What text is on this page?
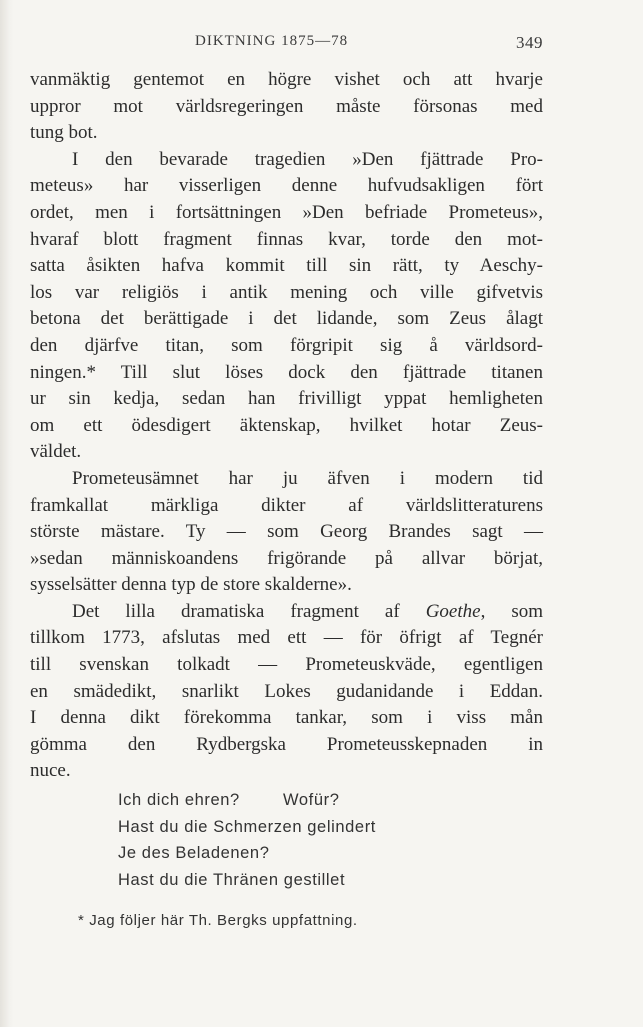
DIKTNING 1875—78	349
vanmäktig gentemot en högre vishet och att hvarje
uppror mot världsregeringen måste försonas med
tung bot.
I den bevarade tragedien »Den fjättrade Pro-
meteus» har visserligen denne hufvudsakligen fört
ordet, men i fortsättningen »Den befriade Prometeus»,
hvaraf blott fragment finnas kvar, torde den mot-
satta åsikten hafva kommit till sin rätt, ty Aeschy-
los var religiös i antik mening och ville gifvetvis
betona det berättigade i det lidande, som Zeus ålagt
den djärfve titan, som förgripit sig å världsord-
ningen.* Till slut löses dock den fjättrade titanen
ur sin kedja, sedan han frivilligt yppat hemligheten
om ett ödesdigert äktenskap, hvilket hotar Zeus-
väldet.
Prometeusämnet har ju äfven i modern tid
framkallat märkliga dikter af världslitteraturens
störste mästare. Ty — som Georg Brandes sagt —
»sedan människoandens frigörande på allvar börjat,
sysselsätter denna typ de store skalderne».
Det lilla dramatiska fragment af Goethe, som
tillkom 1773, afslutas med ett — för öfrigt af Tegnér
till svenskan tolkadt — Prometeuskväde, egentligen
en smädedikt, snarlikt Lokes gudanidande i Eddan.
I denna dikt förekomma tankar, som i viss mån
gömma den Rydbergska Prometeusskepnaden in
nuce.
Ich dich ehren?	Wofür?
Hast du die Schmerzen gelindert
Je des Beladenen?
Hast du die Thränen gestillet
* Jag följer här Th. Bergks uppfattning.
